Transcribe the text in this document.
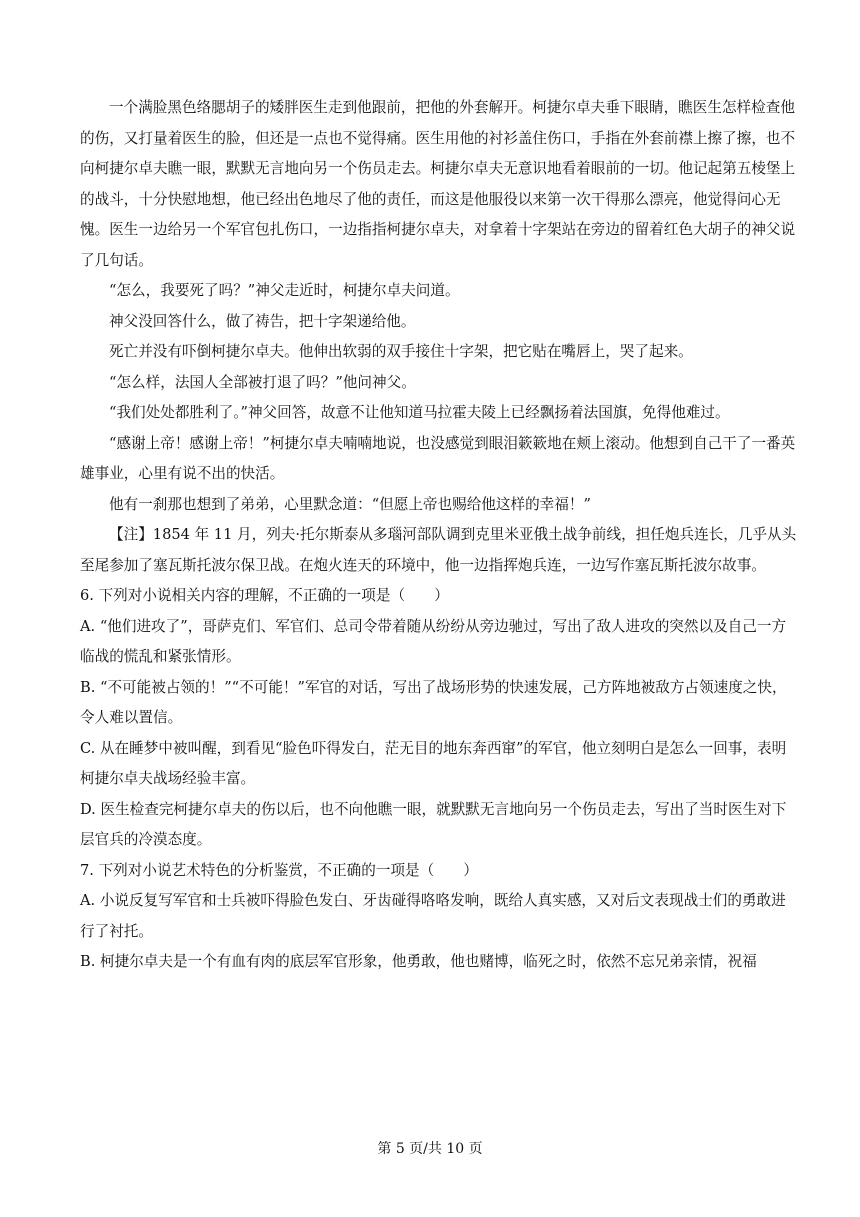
一个满脸黑色络腮胡子的矮胖医生走到他跟前，把他的外套解开。柯捷尔卓夫垂下眼睛，瞧医生怎样检查他的伤，又打量着医生的脸，但还是一点也不觉得痛。医生用他的衬衫盖住伤口，手指在外套前襟上擦了擦，也不向柯捷尔卓夫瞧一眼，默默无言地向另一个伤员走去。柯捷尔卓夫无意识地看着眼前的一切。他记起第五棱堡上的战斗，十分快慰地想，他已经出色地尽了他的责任，而这是他服役以来第一次干得那么漂亮，他觉得问心无愧。医生一边给另一个军官包扎伤口，一边指指柯捷尔卓夫，对拿着十字架站在旁边的留着红色大胡子的神父说了几句话。

“怎么，我要死了吗？”神父走近时，柯捷尔卓夫问道。

神父没回答什么，做了祷告，把十字架递给他。

死亡并没有吓倒柯捷尔卓夫。他伸出软弱的双手接住十字架，把它贴在嘴唇上，哭了起来。

“怎么样，法国人全部被打退了吗？”他问神父。

“我们处处都胜利了。”神父回答，故意不让他知道马拉霍夫陵上已经飘扬着法国旗，免得他难过。

“感谢上帝！感谢上帝！”柯捷尔卓夫喃喃地说，也没感觉到眼泪簌簌地在颊上滚动。他想到自己干了一番英雄事业，心里有说不出的快活。

他有一刹那也想到了弟弟，心里默念道：“但愿上帝也赐给他这样的幸福！”

【注】1854 年 11 月，列夫·托尔斯泰从多瑙河部队调到克里米亚俄土战争前线，担任炮兵连长，几乎从头至尾参加了塞瓦斯托波尔保卫战。在炮火连天的环境中，他一边指挥炮兵连，一边写作塞瓦斯托波尔故事。

6. 下列对小说相关内容的理解，不正确的一项是（　　）

A. “他们进攻了”，哥萨克们、军官们、总司令带着随从纷纷从旁边驰过，写出了敌人进攻的突然以及自己一方临战的慌乱和紧张情形。

B. “不可能被占领的！”“不可能！”军官的对话，写出了战场形势的快速发展，己方阵地被敌方占领速度之快，令人难以置信。

C. 从在睡梦中被叫醒，到看见“脸色吓得发白，茫无目的地东奔西窜”的军官，他立刻明白是怎么一回事，表明柯捷尔卓夫战场经验丰富。

D. 医生检查完柯捷尔卓夫的伤以后，也不向他瞧一眼，就默默无言地向另一个伤员走去，写出了当时医生对下层官兵的冷漠态度。

7. 下列对小说艺术特色的分析鉴赏，不正确的一项是（　　）

A. 小说反复写军官和士兵被吓得脸色发白、牙齿碰得咯咯发响，既给人真实感，又对后文表现战士们的勇敢进行了衬托。

B. 柯捷尔卓夫是一个有血有肉的底层军官形象，他勇敢，他也赌博，临死之时，依然不忘兄弟亲情，祝福

第 5 页/共 10 页
